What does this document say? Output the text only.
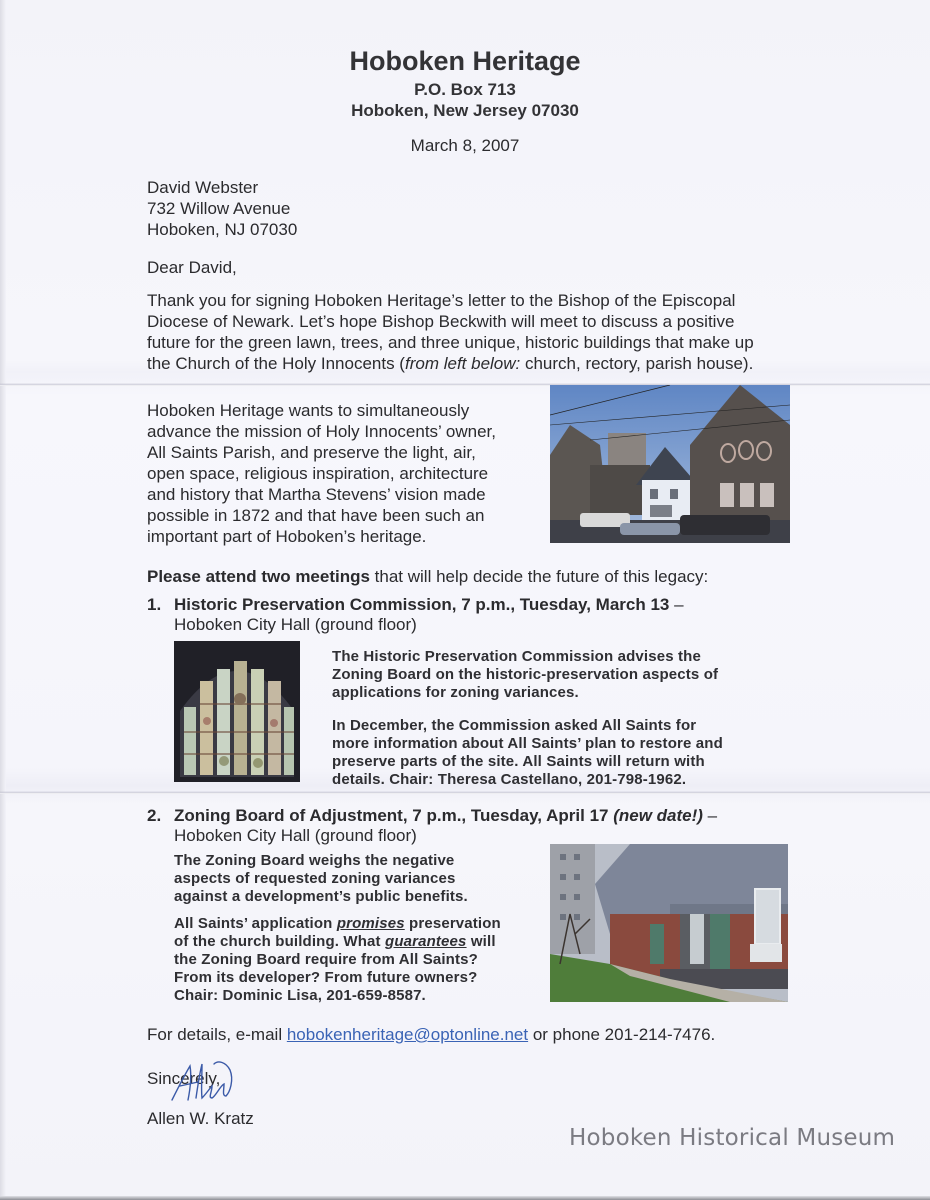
Hoboken Heritage
P.O. Box 713
Hoboken, New Jersey 07030
March 8, 2007
David Webster
732 Willow Avenue
Hoboken, NJ 07030
Dear David,
Thank you for signing Hoboken Heritage’s letter to the Bishop of the Episcopal
Diocese of Newark. Let’s hope Bishop Beckwith will meet to discuss a positive
future for the green lawn, trees, and three unique, historic buildings that make up
the Church of the Holy Innocents (from left below: church, rectory, parish house).
Hoboken Heritage wants to simultaneously
advance the mission of Holy Innocents’ owner,
All Saints Parish, and preserve the light, air,
open space, religious inspiration, architecture
and history that Martha Stevens’ vision made
possible in 1872 and that have been such an
important part of Hoboken’s heritage.
Please attend two meetings that will help decide the future of this legacy:
1. Historic Preservation Commission, 7 p.m., Tuesday, March 13 –
Hoboken City Hall (ground floor)
The Historic Preservation Commission advises the
Zoning Board on the historic-preservation aspects of
applications for zoning variances.
In December, the Commission asked All Saints for
more information about All Saints’ plan to restore and
preserve parts of the site. All Saints will return with
details. Chair: Theresa Castellano, 201-798-1962.
2. Zoning Board of Adjustment, 7 p.m., Tuesday, April 17 (new date!) –
Hoboken City Hall (ground floor)
The Zoning Board weighs the negative
aspects of requested zoning variances
against a development’s public benefits.
All Saints’ application promises preservation
of the church building. What guarantees will
the Zoning Board require from All Saints?
From its developer? From future owners?
Chair: Dominic Lisa, 201-659-8587.
For details, e-mail hobokenheritage@optonline.net or phone 201-214-7476.
Sincerely,
Allen W. Kratz
Hoboken Historical Museum
